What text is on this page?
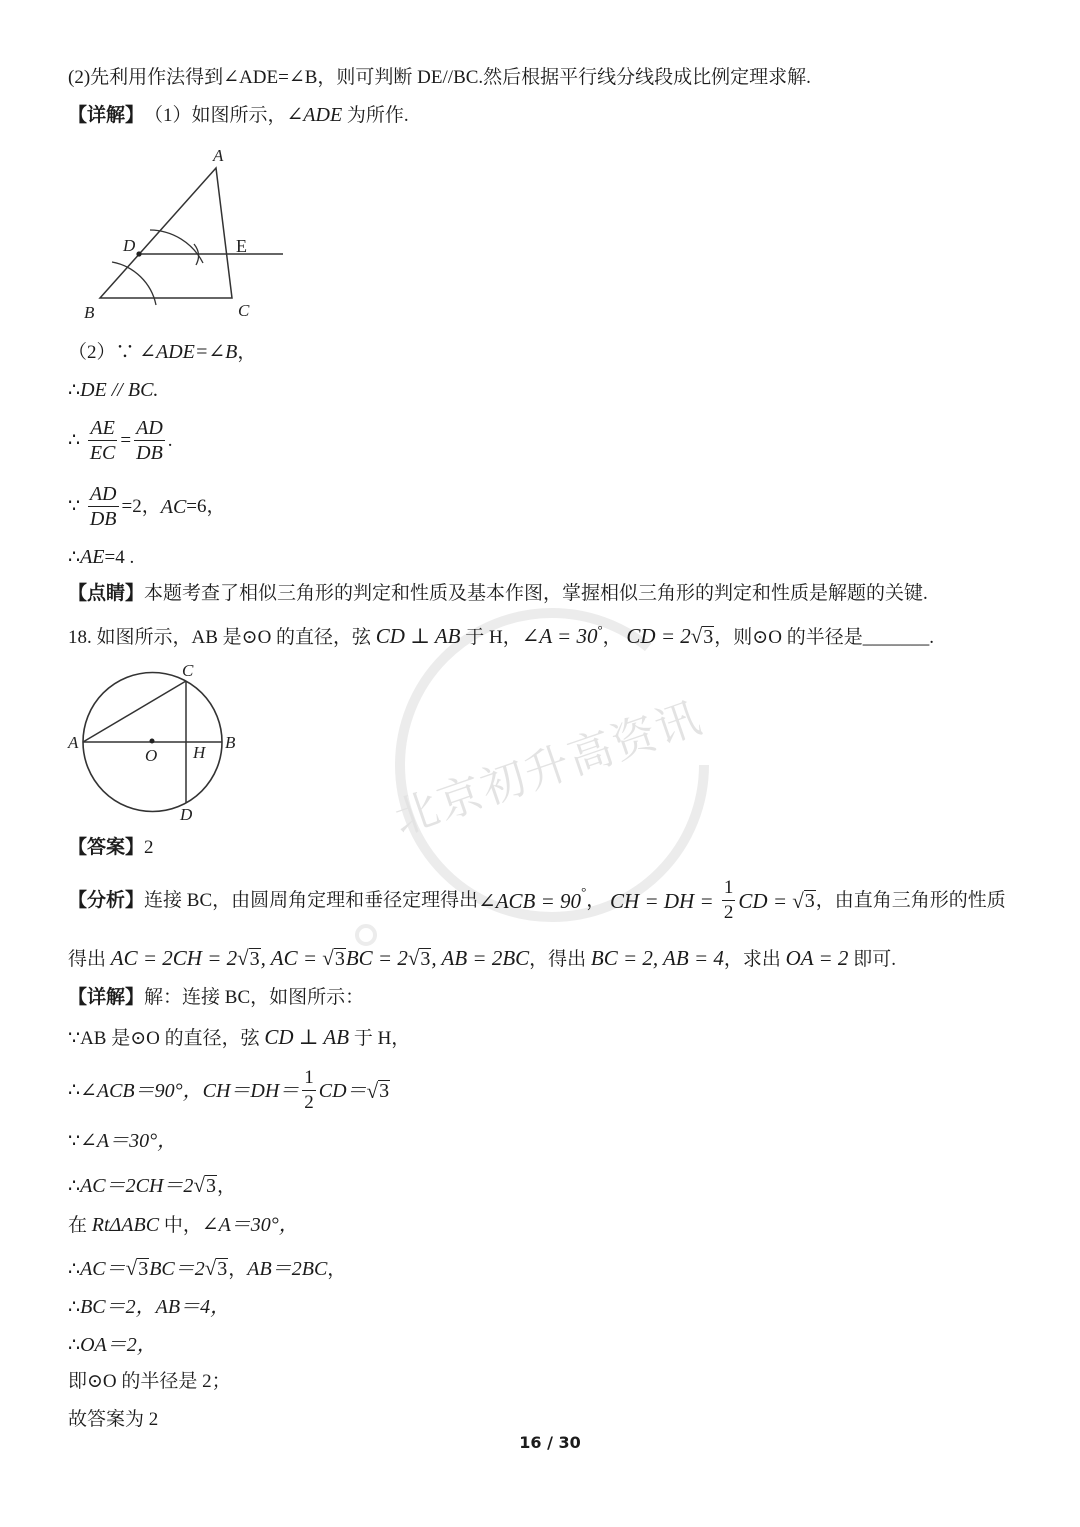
北京初升高资讯
(2)先利用作法得到∠ADE=∠B，则可判断 DE//BC.然后根据平行线分线段成比例定理求解.
【详解】 （1）如图所示， ∠ADE 为所作.
A
D	E
B	C
（2）∵ ∠ADE=∠B ，
∴ DE // BC.
∴ $\frac{AE}{EC} = \frac{AD}{DB}$ .
∵ $\frac{AD}{DB} =2$， AC =6，
∴ AE =4 .
【点睛】 本题考查了相似三角形的判定和性质及基本作图，掌握相似三角形的判定和性质是解题的关键.
18. 如图所示，AB 是⊙O 的直径，弦 CD ⊥ AB 于 H， ∠A = 30 ° ， CD = 2 √ 3 ，则⊙O 的半径是 _______ .
A
O H
B
C
D
【答案】 2
【分析】 连接 BC，由圆周角定理和垂径定理得出 ∠ACB = 90 ° ， CH = DH = $\frac{1}{2}$ CD = √ 3 ，由直角三角形的性质
得出 AC = 2CH = 2 √ 3 , AC = √ 3 BC = 2 √ 3 , AB = 2BC ，得出 BC = 2, AB = 4 ，求出 OA = 2 即可.
【详解】 解：连接 BC，如图所示：
∵AB 是⊙O 的直径，弦 CD ⊥ AB 于 H，
∴ ∠ACB＝90°， $CH=DH= \frac{1}{2} CD=$ √ 3
∵ ∠A＝30°，
∴ AC＝2CH＝2 √ 3 ，
在 RtΔABC 中， ∠A＝30°，
∴ AC＝ √ 3 BC＝2 √ 3 ， AB＝2BC ，
∴ BC＝2，AB＝4，
∴ OA＝2，
即⊙O 的半径是 2；
故答案为 2
16 / 30
